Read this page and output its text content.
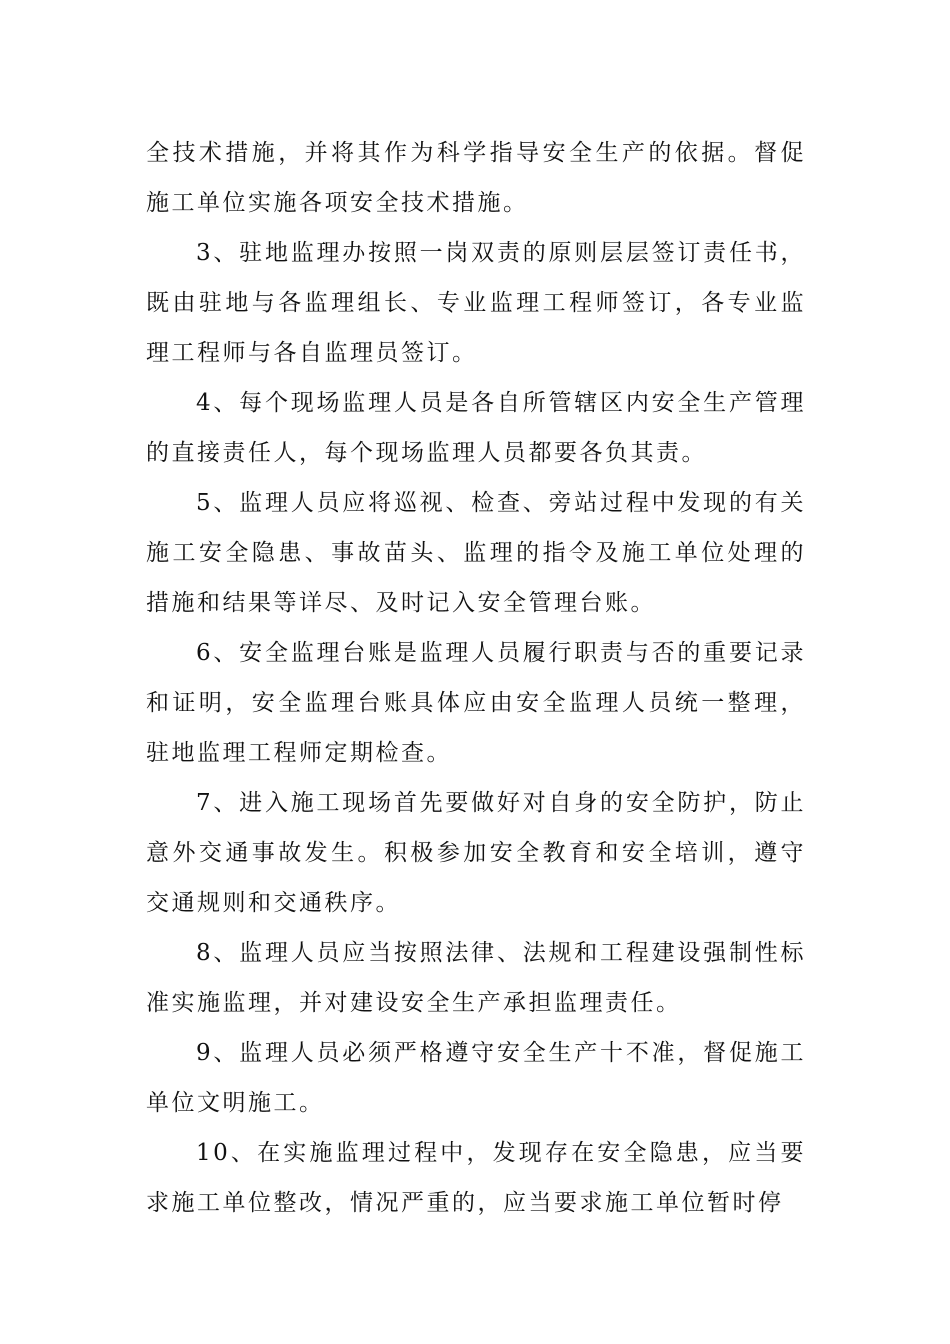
全技术措施，并将其作为科学指导安全生产的依据。督促施工单位实施各项安全技术措施。

3、驻地监理办按照一岗双责的原则层层签订责任书，既由驻地与各监理组长、专业监理工程师签订，各专业监理工程师与各自监理员签订。

4、每个现场监理人员是各自所管辖区内安全生产管理的直接责任人，每个现场监理人员都要各负其责。

5、监理人员应将巡视、检查、旁站过程中发现的有关施工安全隐患、事故苗头、监理的指令及施工单位处理的措施和结果等详尽、及时记入安全管理台账。

6、安全监理台账是监理人员履行职责与否的重要记录和证明，安全监理台账具体应由安全监理人员统一整理，驻地监理工程师定期检查。

7、进入施工现场首先要做好对自身的安全防护，防止意外交通事故发生。积极参加安全教育和安全培训，遵守交通规则和交通秩序。

8、监理人员应当按照法律、法规和工程建设强制性标准实施监理，并对建设安全生产承担监理责任。

9、监理人员必须严格遵守安全生产十不准，督促施工单位文明施工。

10、在实施监理过程中，发现存在安全隐患，应当要求施工单位整改，情况严重的，应当要求施工单位暂时停
